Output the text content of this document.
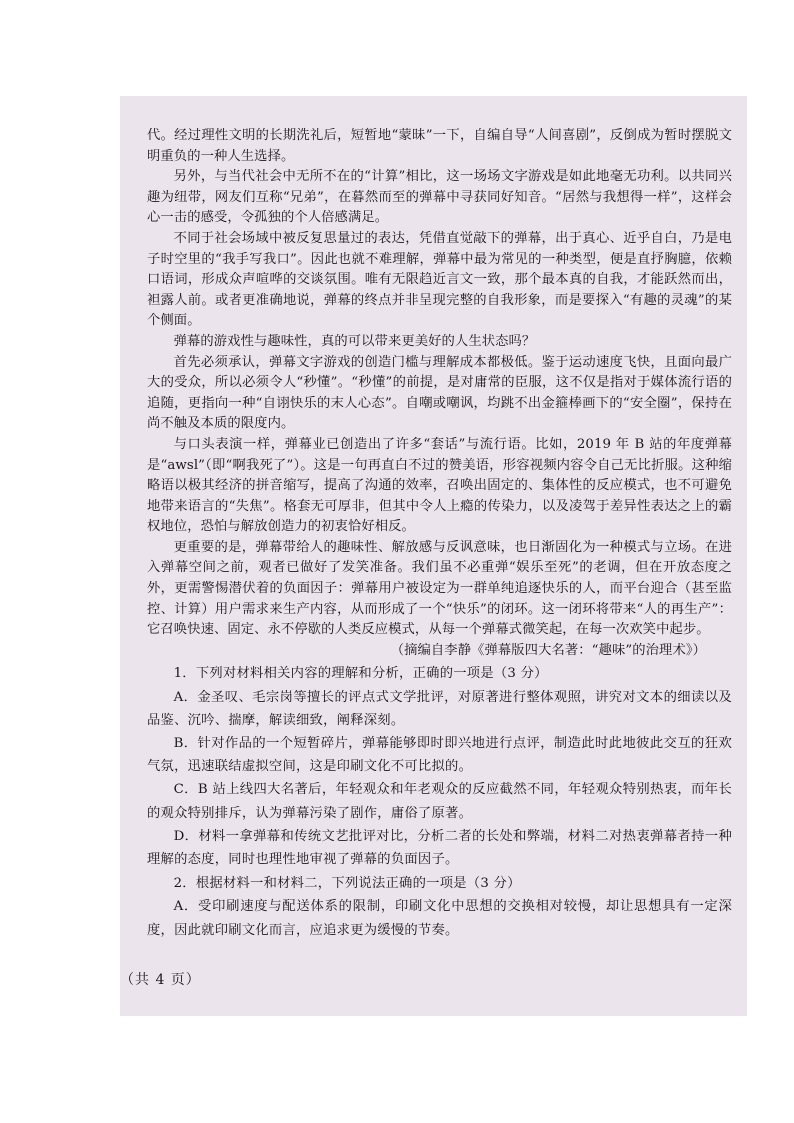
代。经过理性文明的长期洗礼后，短暂地“蒙昧”一下，自编自导“人间喜剧”，反倒成为暂时摆脱文明重负的一种人生选择。

另外，与当代社会中无所不在的“计算”相比，这一场场文字游戏是如此地毫无功利。以共同兴趣为纽带，网友们互称“兄弟”，在暮然而至的弹幕中寻获同好知音。“居然与我想得一样”，这样会心一击的感受，令孤独的个人倍感满足。

不同于社会场域中被反复思量过的表达，凭借直觉敲下的弹幕，出于真心、近乎自白，乃是电子时空里的“我手写我口”。因此也就不难理解，弹幕中最为常见的一种类型，便是直抒胸臆，依赖口语词，形成众声喧哗的交谈氛围。唯有无限趋近言文一致，那个最本真的自我，才能跃然而出，袒露人前。或者更准确地说，弹幕的终点并非呈现完整的自我形象，而是要探入“有趣的灵魂”的某个侧面。

弹幕的游戏性与趣味性，真的可以带来更美好的人生状态吗？

首先必须承认，弹幕文字游戏的创造门槛与理解成本都极低。鉴于运动速度飞快，且面向最广大的受众，所以必须令人“秒懂”。“秒懂”的前提，是对庸常的臣服，这不仅是指对于媒体流行语的追随，更指向一种“自诩快乐的末人心态”。自嘲或嘲讽，均跳不出金箍棒画下的“安全圈”，保持在尚不触及本质的限度内。

与口头表演一样，弹幕业已创造出了许多“套话”与流行语。比如，2019 年 B 站的年度弹幕是“awsl”（即“啊我死了”）。这是一句再直白不过的赞美语，形容视频内容令自己无比折服。这种缩略语以极其经济的拼音缩写，提高了沟通的效率，召唤出固定的、集体性的反应模式，也不可避免地带来语言的“失焦”。格套无可厚非，但其中令人上瘾的传染力，以及凌驾于差异性表达之上的霸权地位，恐怕与解放创造力的初衷恰好相反。

更重要的是，弹幕带给人的趣味性、解放感与反讽意味，也日渐固化为一种模式与立场。在进入弹幕空间之前，观者已做好了发笑准备。我们虽不必重弹“娱乐至死”的老调，但在开放态度之外，更需警惕潜伏着的负面因子：弹幕用户被设定为一群单纯追逐快乐的人，而平台迎合（甚至监控、计算）用户需求来生产内容，从而形成了一个“快乐”的闭环。这一闭环将带来“人的再生产”：它召唤快速、固定、永不停歇的人类反应模式，从每一个弹幕式微笑起，在每一次欢笑中起步。

（摘编自李静《弹幕版四大名著：“趣味”的治理术》）

1．下列对材料相关内容的理解和分析，正确的一项是（3 分）

A．金圣叹、毛宗岗等擅长的评点式文学批评，对原著进行整体观照，讲究对文本的细读以及品鉴、沉吟、揣摩，解读细致，阐释深刻。

B．针对作品的一个短暂碎片，弹幕能够即时即兴地进行点评，制造此时此地彼此交互的狂欢气氛，迅速联结虚拟空间，这是印刷文化不可比拟的。

C．B 站上线四大名著后，年轻观众和年老观众的反应截然不同，年轻观众特别热衷，而年长的观众特别排斥，认为弹幕污染了剧作，庸俗了原著。

D．材料一拿弹幕和传统文艺批评对比，分析二者的长处和弊端，材料二对热衷弹幕者持一种理解的态度，同时也理性地审视了弹幕的负面因子。

2．根据材料一和材料二，下列说法正确的一项是（3 分）

A．受印刷速度与配送体系的限制，印刷文化中思想的交换相对较慢，却让思想具有一定深度，因此就印刷文化而言，应追求更为缓慢的节奏。

（共 4 页）
